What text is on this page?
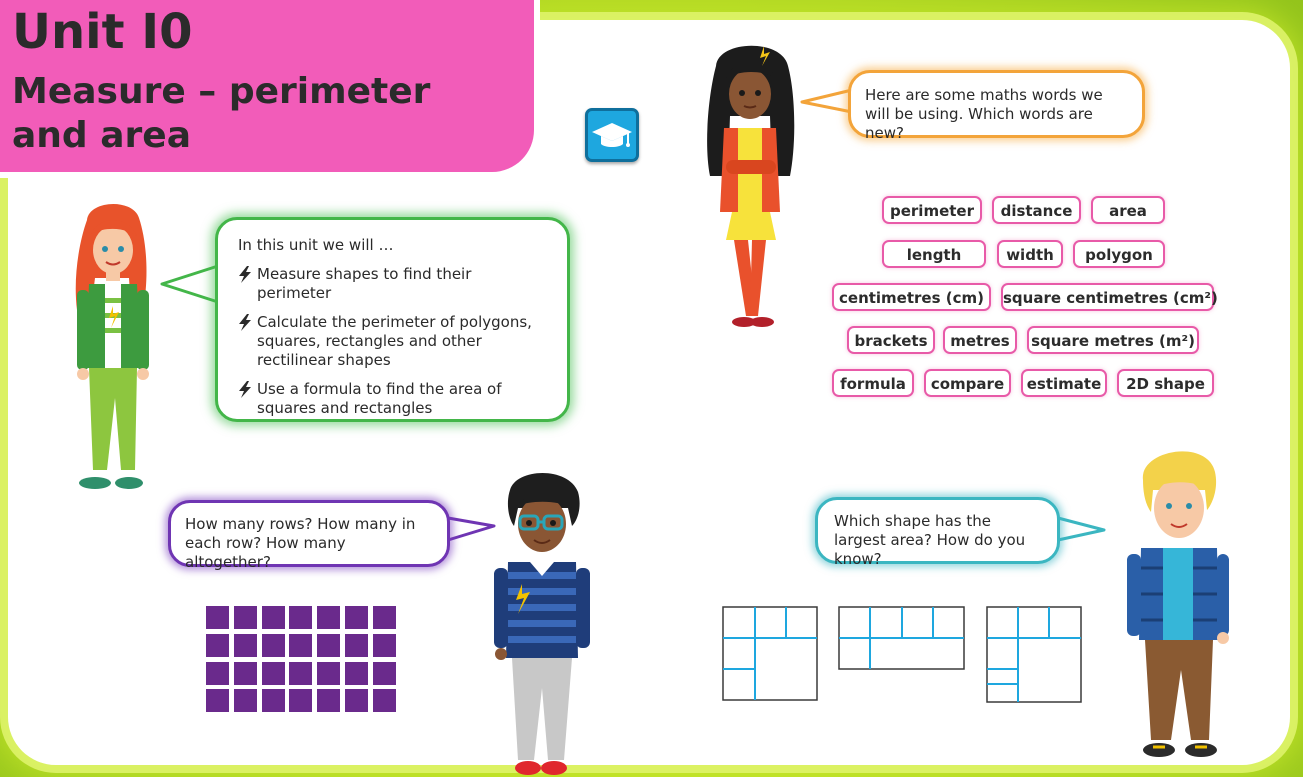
Unit I0
Measure – perimeter and area
Here are some maths words we will be using. Which words are new?
In this unit we will …
Measure shapes to find their perimeter
Calculate the perimeter of polygons, squares, rectangles and other rectilinear shapes
Use a formula to find the area of squares and rectangles
How many rows? How many in each row? How many altogether?
Which shape has the largest area? How do you know?
perimeter	distance	area
length	width	polygon
centimetres (cm)	square centimetres (cm²)
brackets	metres	square metres (m²)
formula	compare	estimate	2D shape
